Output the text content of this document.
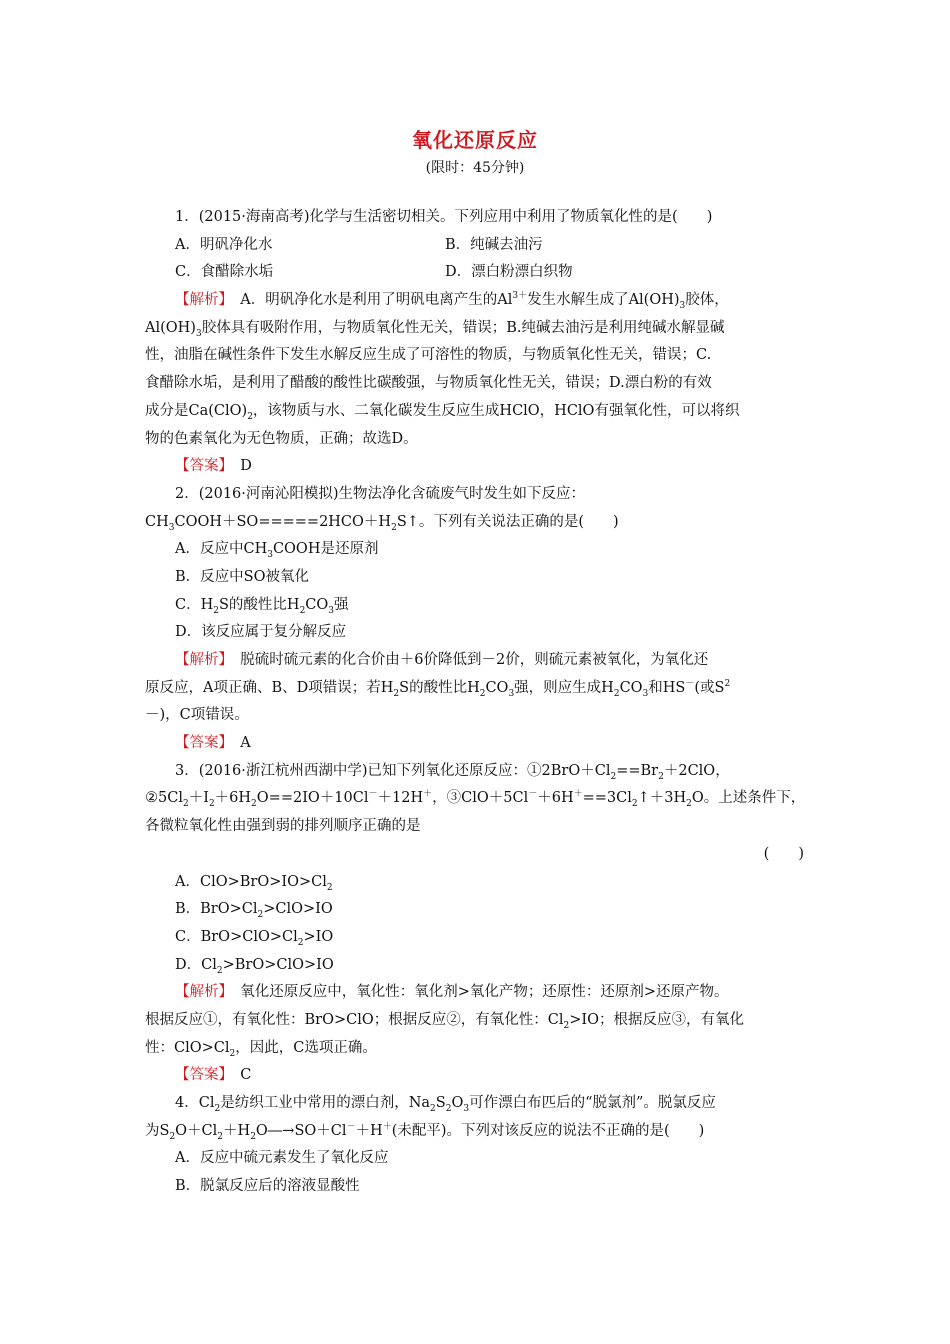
氧化还原反应
(限时：45分钟)
1．(2015·海南高考)化学与生活密切相关。下列应用中利用了物质氧化性的是(　　)
A．明矾净化水	B．纯碱去油污
C．食醋除水垢	D．漂白粉漂白织物
【解析】　A．明矾净化水是利用了明矾电离产生的$Al^{3+}$发生水解生成了$Al(OH)_3$胶体，
$Al(OH)_3$胶体具有吸附作用，与物质氧化性无关，错误；B.纯碱去油污是利用纯碱水解显碱
性，油脂在碱性条件下发生水解反应生成了可溶性的物质，与物质氧化性无关，错误；C.
食醋除水垢，是利用了醋酸的酸性比碳酸强，与物质氧化性无关，错误；D.漂白粉的有效
成分是$Ca(ClO)_2$，该物质与水、二氧化碳发生反应生成HClO，HClO有强氧化性，可以将织
物的色素氧化为无色物质，正确；故选D。
【答案】　D
2．(2016·河南沁阳模拟)生物法净化含硫废气时发生如下反应：
$CH_3COOH+SO=====2HCO+H_2S↑$。下列有关说法正确的是(　　)
A．反应中$CH_3COOH$是还原剂
B．反应中SO被氧化
C．$H_2S$的酸性比$H_2CO_3$强
D．该反应属于复分解反应
【解析】　脱硫时硫元素的化合价由＋6价降低到－2价，则硫元素被氧化，为氧化还
原反应，A项正确、B、D项错误；若$H_2S$的酸性比$H_2CO_3$强，则应生成$H_2CO_3$和HS－(或$S^2$
－)，C项错误。
【答案】　A
3．(2016·浙江杭州西湖中学)已知下列氧化还原反应：$①2BrO+Cl_2==Br_2+2ClO$，
$②5Cl_2+I_2+6H_2O==2IO+10Cl^-+12H^+$，$③ClO+5Cl^-+6H^+==3Cl_2↑+3H_2O$。上述条件下，
各微粒氧化性由强到弱的排列顺序正确的是
(　　)
A．$ClO>BrO>IO>Cl_2$
B．$BrO>Cl_2>ClO>IO$
C．$BrO>ClO>Cl_2>IO$
D．$Cl_2>BrO>ClO>IO$
【解析】　氧化还原反应中，氧化性：氧化剂>氧化产物；还原性：还原剂>还原产物。
根据反应①，有氧化性：BrO>ClO；根据反应②，有氧化性：$Cl_2>IO$；根据反应③，有氧化
性：$ClO>Cl_2$，因此，C选项正确。
【答案】　C
4．$Cl_2$是纺织工业中常用的漂白剂，$Na_2S_2O_3$可作漂白布匹后的“脱氯剂”。脱氯反应
为$S_2O+Cl_2+H_2O―\to SO+Cl^-+H^+$(未配平)。下列对该反应的说法不正确的是(　　)
A．反应中硫元素发生了氧化反应
B．脱氯反应后的溶液显酸性
